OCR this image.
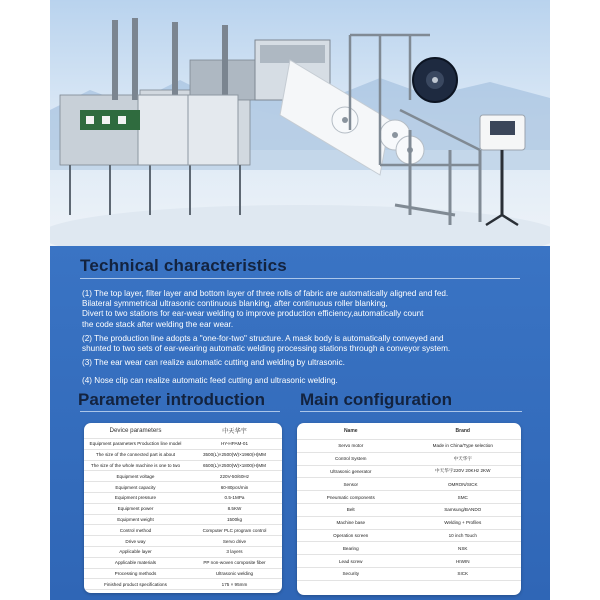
Technical characteristics

(1) The top layer, filter layer and bottom layer of three rolls of fabric are automatically aligned and fed.
Bilateral symmetrical ultrasonic continuous blanking, after continuous roller blanking,
Divert to two stations for ear-wear welding to improve production efficiency,automatically count
the code stack after welding the ear wear.

(2) The production line adopts a "one-for-two" structure. A mask body is automatically conveyed and
shunted to two sets of ear-wearing automatic welding processing stations through a conveyor system.

(3) The ear wear can realize automatic cutting and welding by ultrasonic.

(4) Nose clip can realize automatic feed cutting and ultrasonic welding.

Parameter introduction Main configuration
Device parameters	中天华宇
Equipment parameters Production line model	HY-HPAM-01
The size of the connected part is about	3500(L)×2500(W)×1960(H)MM
The size of the whole machine is one to two	6500(L)×2500(W)×1800(H)MM
Equipment voltage	220V-50/60Hz
Equipment capacity	60-80pcs/min
Equipment pressure	0.5-1MPa
Equipment power	8.5KW
Equipment weight	1500kg
Control method	Computer PLC program control
Drive way	Servo drive
Applicable layer	3 layers
Applicable materials	PP non-woven composite fiber
Processing methods	Ultrasonic welding
Finished product specifications	175 × 95mm
Name	Brand
Servo motor	Made in China/Type selection
Control System	中天华宇
Ultrasonic generator	中天华宇220V 20KHz 2KW
Sensor	OMRON/SICK
Pneumatic components	SMC
Belt	Samsung/BANDO
Machine base	Welding + Profiles
Operation screen	10 inch Touch
Bearing	NSK
Lead screw	HIWIN
Security	SICK
